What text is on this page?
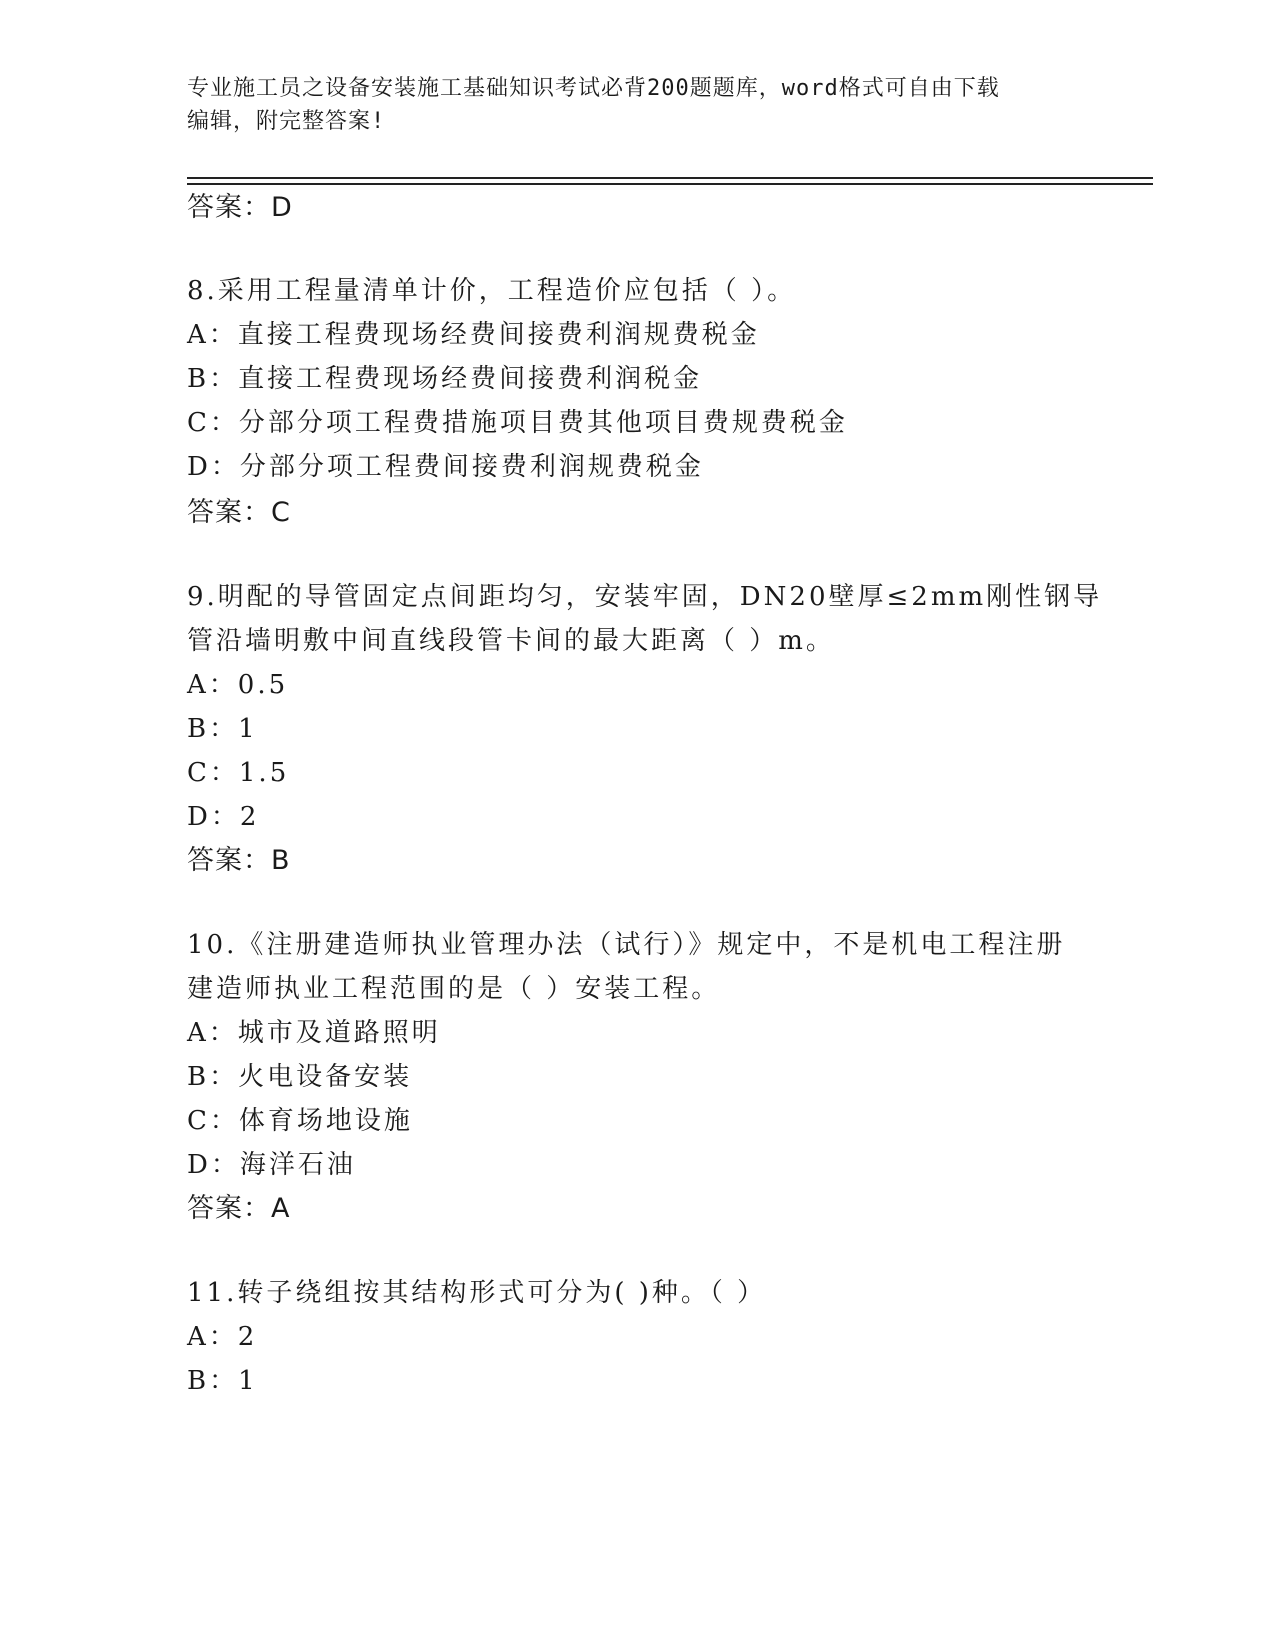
专业施工员之设备安装施工基础知识考试必背200题题库，word格式可自由下载
编辑，附完整答案!
答案：D
8.采用工程量清单计价，工程造价应包括（ ）。
A：直接工程费现场经费间接费利润规费税金
B：直接工程费现场经费间接费利润税金
C：分部分项工程费措施项目费其他项目费规费税金
D：分部分项工程费间接费利润规费税金
答案：C
9.明配的导管固定点间距均匀，安装牢固，DN20壁厚≤2mm刚性钢导
管沿墙明敷中间直线段管卡间的最大距离（ ）m。
A：0.5
B：1
C：1.5
D：2
答案：B
10.《注册建造师执业管理办法（试行）》规定中，不是机电工程注册
建造师执业工程范围的是（ ）安装工程。
A：城市及道路照明
B：火电设备安装
C：体育场地设施
D：海洋石油
答案：A
11.转子绕组按其结构形式可分为( )种。（ ）
A：2
B：1
